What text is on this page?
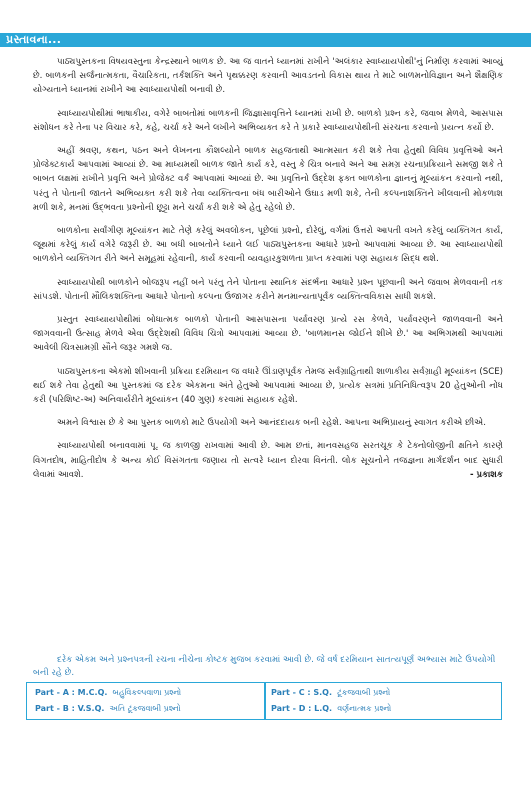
પ્રસ્તાવના...

પાઠ્યપુસ્તકના વિષયવસ્તુના કેન્દ્રસ્થાને બાળક છે. આ જ વાતને ધ્યાનમાં રાખીને 'અલંકાર સ્વાધ્યાયપોથી'નું નિર્માણ કરવામાં આવ્યું છે. બાળકની સર્જનાત્મકતા, વૈચારિકતા, તર્કશક્તિ અને પૃથક્કરણ કરવાની આવડતનો વિકાસ થાય તે માટે બાળમનોવિજ્ઞાન અને શૈક્ષણિક યોગ્યતાને ધ્યાનમાં રાખીને આ સ્વાધ્યાયપોથી બનાવી છે.

સ્વાધ્યાયપોથીમાં ભાષાકીય, વગેરે બાબતોમાં બાળકની જિજ્ઞાસાવૃત્તિને ધ્યાનમાં રાખી છે. બાળકો પ્રશ્ન કરે, જવાબ મેળવે, આસપાસ સંશોધન કરે તેના પર વિચાર કરે, કહે, ચર્ચા કરે અને લખીને અભિવ્યક્ત કરે તે પ્રકારે સ્વાધ્યાયપોથીની સંરચના કરવાનો પ્રયત્ન કર્યો છે.

અહીં શ્રવણ, કથન, પઠન અને લેખનના કૌશલ્યોને બાળક સહજતાથી આત્મસાત કરી શકે તેવા હેતુથી વિવિધ પ્રવૃત્તિઓ અને પ્રોજેક્ટકાર્ય આપવામાં આવ્યાં છે. આ માધ્યમથી બાળક જાતે કાર્ય કરે, વસ્તુ કે ચિત્ર બનાવે અને આ સમગ્ર રચનાપ્રક્રિયાને સમજી શકે તે બાબત લક્ષમાં રાખીને પ્રવૃત્તિ અને પ્રોજેક્ટ વર્ક આપવામાં આવ્યાં છે. આ પ્રવૃત્તિનો ઉદ્દેશ ફક્ત બાળકોના જ્ઞાનનું મૂલ્યાંકન કરવાનો નથી, પરંતુ તે પોતાની જાતને અભિવ્યક્ત કરી શકે તેવા વ્યક્તિત્વના બંધ બારીઓને ઉઘાડ મળી શકે, તેની કલ્પનાશક્તિને ખીલવાની મોકળાશ મળી શકે, મનમાં ઉદ્ભવતા પ્રશ્નોની છૂટ્ટા મને ચર્ચા કરી શકે એ હેતુ રહેલો છે.

બાળકોના સર્વાંગીણ મૂલ્યાંકન માટે તેણે કરેલું અવલોકન, પૂછેલાં પ્રશ્નો, દોરેલું, વર્ગમાં ઉત્તરો આપતી વખતે કરેલું વ્યક્તિગત કાર્ય, જૂથમાં કરેલું કાર્ય વગેરે જરૂરી છે. આ બધી બાબતોને ધ્યાને લઈ પાઠ્યપુસ્તકના આધારે પ્રશ્નો આપવામાં આવ્યા છે. આ સ્વાધ્યાયપોથી બાળકોને વ્યક્તિગત રીતે અને સમૂહમાં રહેવાની, કાર્ય કરવાની વ્યવહારકુશળતા પ્રાપ્ત કરવામાં પણ સહાયક સિદ્ધ થશે.

સ્વાધ્યાયપોથી બાળકોને બોજરૂપ નહીં બને પરંતુ તેને પોતાના સ્થાનિક સંદર્ભના આધારે પ્રશ્ન પૂછવાની અને જવાબ મેળવવાની તક સાંપડશે. પોતાની મૌલિકશક્તિના આધારે પોતાનો કલ્પના ઉજાગર કરીને મનમાન્યતાપૂર્વક વ્યક્તિત્વવિકાસ સાધી શકશે.

પ્રસ્તુત સ્વાધ્યાયપોથીમાં બોધાત્મક બાળકો પોતાની આસપાસના પર્યાવરણ પ્રત્યે રસ કેળવે, પર્યાવરણને જાળવવાની અને જાગવવાની ઉત્સાહ મેળવે એવા ઉદ્દેશથી વિવિધ ચિત્રો આપવામાં આવ્યા છે. 'બાળમાનસ જોઈને શીખે છે.' આ અભિગમથી આપવામાં આવેલી ચિત્રસામગ્રી સૌને જરૂર ગમશે જ.

પાઠ્યપુસ્તકના એકમો શીખવાની પ્રક્રિયા દરમિયાન જ વધારે ઊંડાણપૂર્વક તેમજ સર્વગ્રાહિતાથી શાળાકીય સર્વગ્રાહી મૂલ્યાંકન (SCE) થઈ શકે તેવા હેતુથી આ પુસ્તકમાં જ દરેક એકમના અંતે હેતુઓ આપવામાં આવ્યા છે, પ્રત્યેક સત્રમાં પ્રતિનિધિત્વરૂપ 20 હેતુઓની નોંધ કરી (પરિશિષ્ટ-અ) અનિવાર્યરીતે મૂલ્યાંકન (40 ગુણ) કરવામાં સહાયક રહેશે.

અમને વિશ્વાસ છે કે આ પુસ્તક બાળકો માટે ઉપયોગી અને આનંદદાયક બની રહેશે. આપના અભિપ્રાયનું સ્વાગત કરીએ છીએ.

સ્વાધ્યાયપોથી બનાવવામાં પૂ. જ કાળજી રાખવામાં આવી છે. આમ છતાં, માનવસહજ સરતચૂક કે ટેક્નોલોજીની ક્ષતિને કારણે વિગતદોષ, માહિતીદોષ કે અન્ય કોઈ વિસંગતતા જણાય તો સત્વરે ધ્યાન દોરવા વિનંતી. લોક સૂચનોને તજજ્ઞના માર્ગદર્શન બાદ સુધારી લેવામાં આવશે.	- પ્રકાશક
દરેક એકમ અને પ્રશ્નપત્રની રચના નીચેના કોષ્ટક મુજબ કરવામાં આવી છે. જે વર્ષ દરમિયાન સાતત્યપૂર્ણ અભ્યાસ માટે ઉપયોગી બની રહે છે.
Part - A : M.C.Q. બહુવિકલ્પવાળા પ્રશ્નો
Part - B : V.S.Q. અતિ ટૂંકજવાબી પ્રશ્નો
Part - C : S.Q. ટૂંકજવાબી પ્રશ્નો
Part - D : L.Q. વર્ણનાત્મક પ્રશ્નો
